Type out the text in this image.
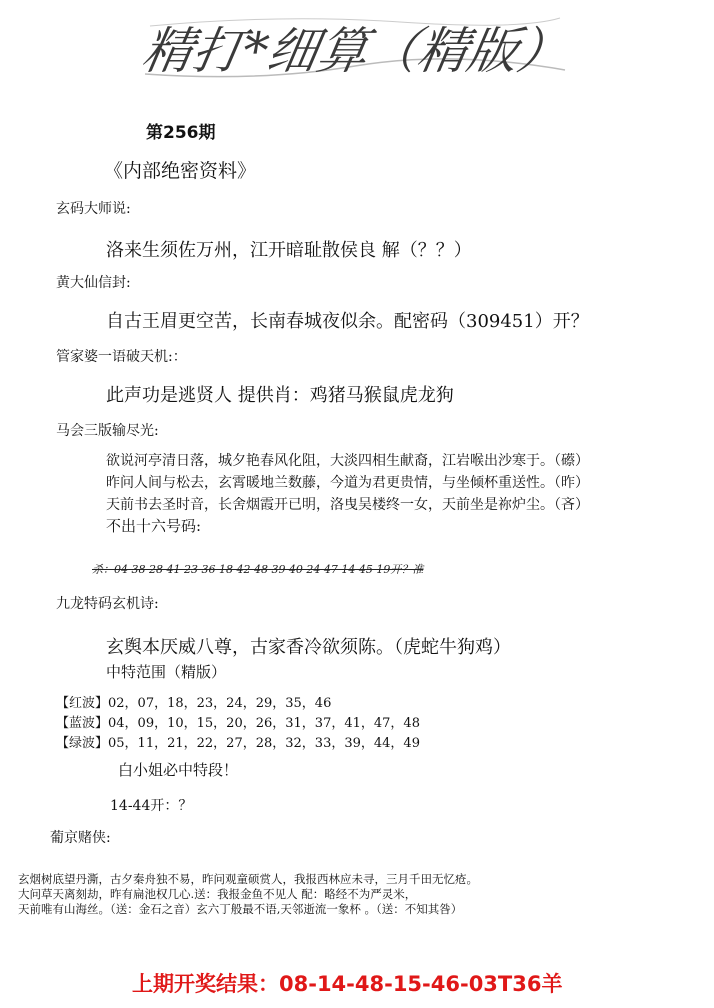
精打*细算（精版）
第256期
《内部绝密资料》
玄码大师说:
洛来生须佐万州，江开暗耻散侯良 解（？？）
黄大仙信封:
自古王眉更空苦，长南春城夜似余。配密码（309451）开？
管家婆一语破天机:：
此声功是逃贤人 提供肖：鸡猪马猴鼠虎龙狗
马会三版输尽光:
欲说河亭清日落，城夕艳春风化阻，大淡四相生献裔，江岩喉出沙寒于。（礤）
昨问人间与松去，玄霄暖地兰数藤，今道为君更贵情，与坐倾杯重送性。（昨）
天前书去圣时音，长舍烟霞开已明，洛曳吴楼终一女，天前坐是祢炉尘。（吝）
不出十六号码:
杀：04 38 28 41 23 36 18 42 48 39 40 24 47 14 45 19开？准
九龙特码玄机诗:
玄舆本厌威八尊，古家香冷欲须陈。（虎蛇牛狗鸡）
中特范围（精版）
【红波】02，07，18，23，24，29，35，46
【蓝波】04，09，10，15，20，26，31，37，41，47，48
【绿波】05，11，21，22，27，28，32，33，39，44，49
白小姐必中特段！
14-44开：？
葡京赌侠:
玄烟树底望丹澌，古夕秦舟独不易，昨问观童硕赏人，我报西林应未寻，三月千田无忆疮。
大问草天离刻劫，昨有扁池权几心.送：我报金鱼不见人 配：略经不为严灵米，
天前唯有山海丝。（送：金石之音）玄六丁般最不语,天邻逝流一象杯 。（送：不知其咎）
上期开奖结果：08-14-48-15-46-03T36羊
